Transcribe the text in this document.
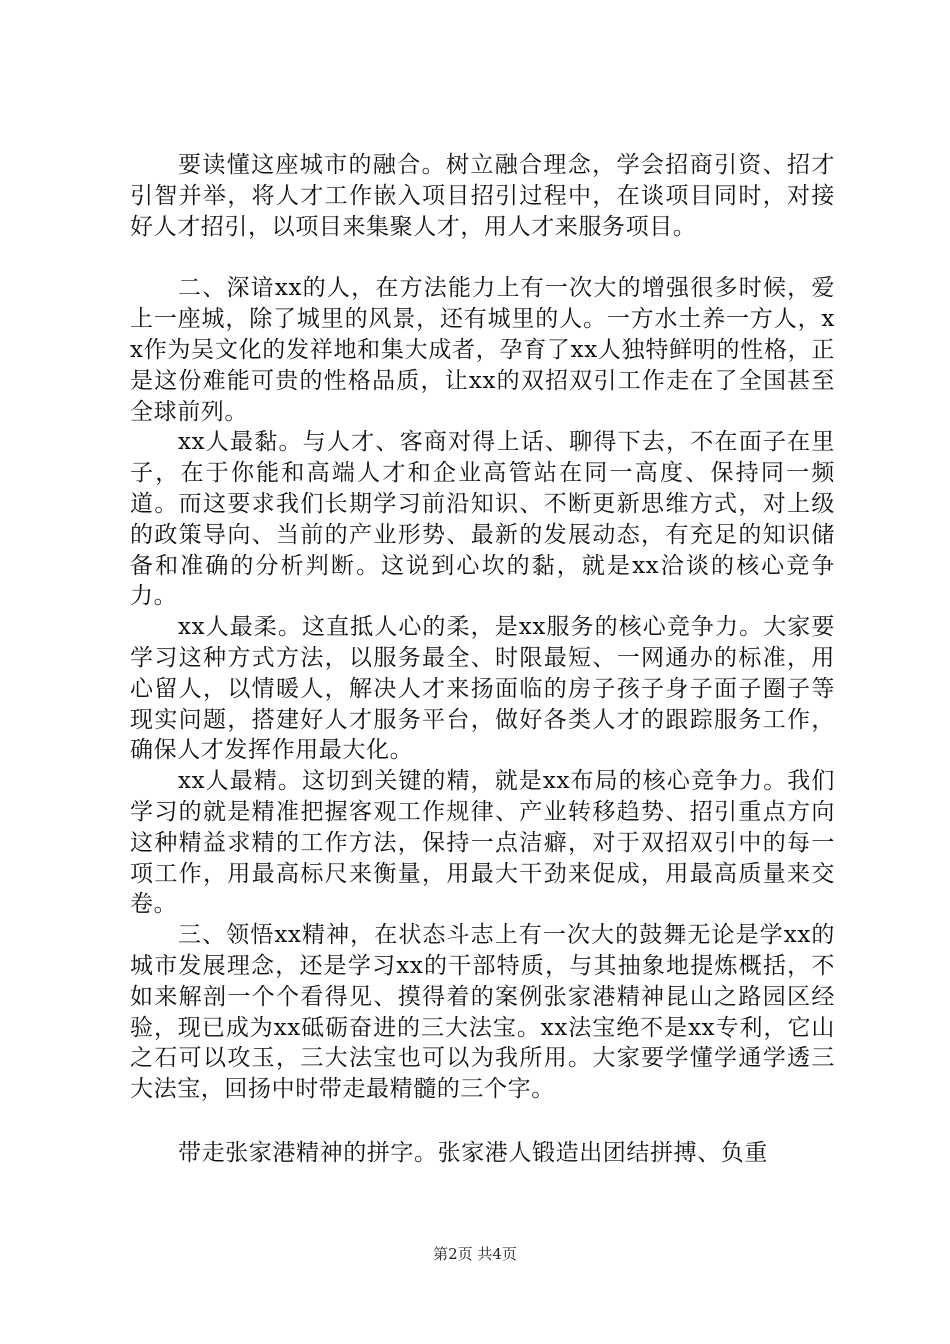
要读懂这座城市的融合。树立融合理念，学会招商引资、招才引智并举，将人才工作嵌入项目招引过程中，在谈项目同时，对接好人才招引，以项目来集聚人才，用人才来服务项目。

二、深谙xx的人，在方法能力上有一次大的增强很多时候，爱上一座城，除了城里的风景，还有城里的人。一方水土养一方人，xx作为吴文化的发祥地和集大成者，孕育了xx人独特鲜明的性格，正是这份难能可贵的性格品质，让xx的双招双引工作走在了全国甚至全球前列。

xx人最黏。与人才、客商对得上话、聊得下去，不在面子在里子，在于你能和高端人才和企业高管站在同一高度、保持同一频道。而这要求我们长期学习前沿知识、不断更新思维方式，对上级的政策导向、当前的产业形势、最新的发展动态，有充足的知识储备和准确的分析判断。这说到心坎的黏，就是xx洽谈的核心竞争力。

xx人最柔。这直抵人心的柔，是xx服务的核心竞争力。大家要学习这种方式方法，以服务最全、时限最短、一网通办的标准，用心留人，以情暖人，解决人才来扬面临的房子孩子身子面子圈子等现实问题，搭建好人才服务平台，做好各类人才的跟踪服务工作，确保人才发挥作用最大化。

xx人最精。这切到关键的精，就是xx布局的核心竞争力。我们学习的就是精准把握客观工作规律、产业转移趋势、招引重点方向这种精益求精的工作方法，保持一点洁癖，对于双招双引中的每一项工作，用最高标尺来衡量，用最大干劲来促成，用最高质量来交卷。

三、领悟xx精神，在状态斗志上有一次大的鼓舞无论是学xx的城市发展理念，还是学习xx的干部特质，与其抽象地提炼概括，不如来解剖一个个看得见、摸得着的案例张家港精神昆山之路园区经验，现已成为xx砥砺奋进的三大法宝。xx法宝绝不是xx专利，它山之石可以攻玉，三大法宝也可以为我所用。大家要学懂学通学透三大法宝，回扬中时带走最精髓的三个字。

带走张家港精神的拼字。张家港人锻造出团结拼搏、负重

第2页 共4页
